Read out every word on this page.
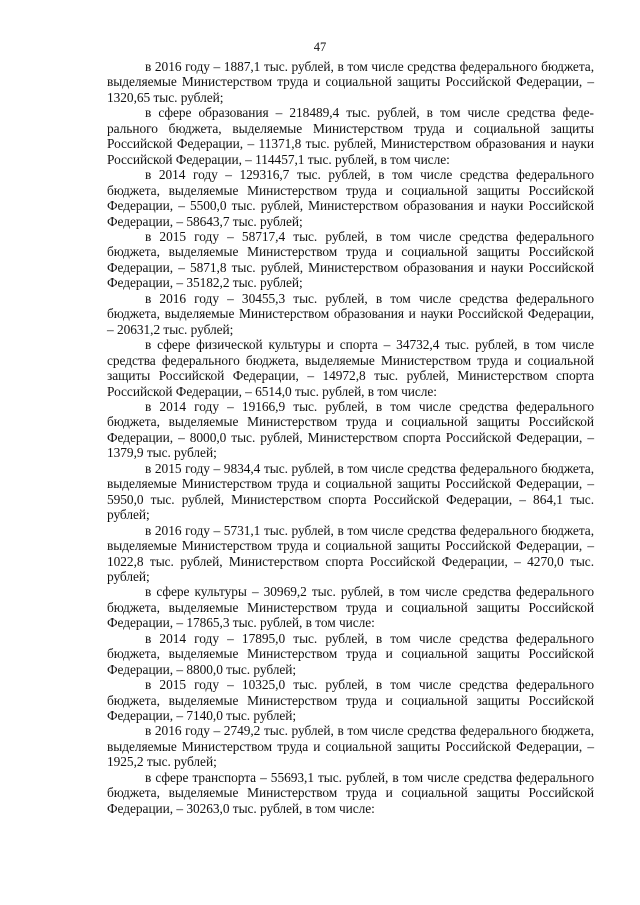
47

в 2016 году – 1887,1 тыс. рублей, в том числе средства федерального бюджета, выделяемые Министерством труда и социальной защиты Российской Федерации, – 1320,65 тыс. рублей;

в сфере образования – 218489,4 тыс. рублей, в том числе средства федерального бюджета, выделяемые Министерством труда и социальной защиты Российской Федерации, – 11371,8 тыс. рублей, Министерством образования и науки Российской Федерации, – 114457,1 тыс. рублей, в том числе:

в 2014 году – 129316,7 тыс. рублей, в том числе средства федерального бюджета, выделяемые Министерством труда и социальной защиты Российской Федерации, – 5500,0 тыс. рублей, Министерством образования и науки Российской Федерации, – 58643,7 тыс. рублей;

в 2015 году – 58717,4 тыс. рублей, в том числе средства федерального бюджета, выделяемые Министерством труда и социальной защиты Российской Федерации, – 5871,8 тыс. рублей, Министерством образования и науки Российской Федерации, – 35182,2 тыс. рублей;

в 2016 году – 30455,3 тыс. рублей, в том числе средства федерального бюджета, выделяемые Министерством образования и науки Российской Федерации, – 20631,2 тыс. рублей;

в сфере физической культуры и спорта – 34732,4 тыс. рублей, в том числе средства федерального бюджета, выделяемые Министерством труда и социальной защиты Российской Федерации, – 14972,8 тыс. рублей, Министерством спорта Российской Федерации, – 6514,0 тыс. рублей, в том числе:

в 2014 году – 19166,9 тыс. рублей, в том числе средства федерального бюджета, выделяемые Министерством труда и социальной защиты Российской Федерации, – 8000,0 тыс. рублей, Министерством спорта Российской Федерации, – 1379,9 тыс. рублей;

в 2015 году – 9834,4 тыс. рублей, в том числе средства федерального бюджета, выделяемые Министерством труда и социальной защиты Российской Федерации, – 5950,0 тыс. рублей, Министерством спорта Российской Федерации, – 864,1 тыс. рублей;

в 2016 году – 5731,1 тыс. рублей, в том числе средства федерального бюджета, выделяемые Министерством труда и социальной защиты Российской Федерации, – 1022,8 тыс. рублей, Министерством спорта Российской Федерации, – 4270,0 тыс. рублей;

в сфере культуры – 30969,2 тыс. рублей, в том числе средства федерального бюджета, выделяемые Министерством труда и социальной защиты Российской Федерации, – 17865,3 тыс. рублей, в том числе:

в 2014 году – 17895,0 тыс. рублей, в том числе средства федерального бюджета, выделяемые Министерством труда и социальной защиты Российской Федерации, – 8800,0 тыс. рублей;

в 2015 году – 10325,0 тыс. рублей, в том числе средства федерального бюджета, выделяемые Министерством труда и социальной защиты Российской Федерации, – 7140,0 тыс. рублей;

в 2016 году – 2749,2 тыс. рублей, в том числе средства федерального бюджета, выделяемые Министерством труда и социальной защиты Российской Федерации, – 1925,2 тыс. рублей;

в сфере транспорта – 55693,1 тыс. рублей, в том числе средства федерального бюджета, выделяемые Министерством труда и социальной защиты Российской Федерации, – 30263,0 тыс. рублей, в том числе:
